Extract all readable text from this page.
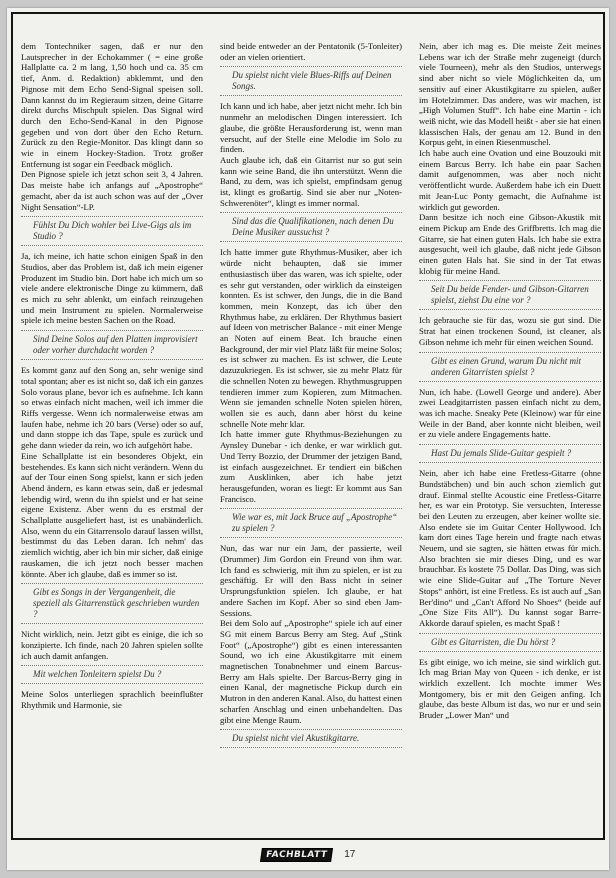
dem Tontechniker sagen, daß er nur den Lautsprecher in der Echokammer ( = eine große Hallplatte ca. 2 m lang, 1,50 hoch und ca. 35 cm tief, Anm. d. Redaktion) abklemmt, und den Pignose mit dem Echo Send-Signal speisen soll. Dann kannst du im Regieraum sitzen, deine Gitarre direkt durchs Mischpult spielen. Das Signal wird durch den Echo-Send-Kanal in den Pignose gegeben und von dort über den Echo Return. Zurück zu den Regie-Monitor. Das klingt dann so wie in einem Hockey-Stadion. Trotz großer Entfernung ist sogar ein Feedback möglich.

Den Pignose spiele ich jetzt schon seit 3, 4 Jahren. Das meiste habe ich anfangs auf „Apostrophe“ gemacht, aber da ist auch schon was auf der „Over Night Sensation“-LP.

Fühlst Du Dich wohler bei Live-Gigs als im Studio ?

Ja, ich meine, ich hatte schon einigen Spaß in den Studios, aber das Problem ist, daß ich mein eigener Produzent im Studio bin. Dort habe ich mich um so viele andere elektronische Dinge zu kümmern, daß es mich zu sehr ablenkt, um einfach reinzugehen und mein Instrument zu spielen. Normalerweise spiele ich meine besten Sachen on the Road.

Sind Deine Solos auf den Platten improvisiert oder vorher durchdacht worden ?

Es kommt ganz auf den Song an, sehr wenige sind total spontan; aber es ist nicht so, daß ich ein ganzes Solo voraus plane, bevor ich es aufnehme. Ich kann so etwas einfach nicht machen, weil ich immer die Riffs vergesse. Wenn ich normalerweise etwas am laufen habe, nehme ich 20 bars (Verse) oder so auf, und dann stoppe ich das Tape, spule es zurück und gehe dann wieder da rein, wo ich aufgehört habe.

Eine Schallplatte ist ein besonderes Objekt, ein bestehendes. Es kann sich nicht verändern. Wenn du auf der Tour einen Song spielst, kann er sich jeden Abend ändern, es kann etwas sein, daß er jedesmal lebendig wird, wenn du ihn spielst und er hat seine eigene Existenz. Aber wenn du es erstmal der Schallplatte ausgeliefert hast, ist es unabänderlich. Also, wenn du ein Gitarrensolo darauf lassen willst, bestimmst du das Leben daran. Ich nehm' das ziemlich wichtig, aber ich bin mir sicher, daß einige rauskamen, die ich jetzt noch besser machen könnte. Aber ich glaube, daß es immer so ist.

Gibt es Songs in der Vergangenheit, die speziell als Gitarrenstück geschrieben wurden ?

Nicht wirklich, nein. Jetzt gibt es einige, die ich so konzipierte. Ich finde, nach 20 Jahren spielen sollte ich auch damit anfangen.

Mit welchen Tonleitern spielst Du ?

Meine Solos unterliegen sprachlich beeinflußter Rhythmik und Harmonie, sie

sind beide entweder an der Pentatonik (5-Tonleiter) oder an vielen orientiert.

Du spielst nicht viele Blues-Riffs auf Deinen Songs.

Ich kann und ich habe, aber jetzt nicht mehr. Ich bin nunmehr an melodischen Dingen interessiert. Ich glaube, die größte Herausforderung ist, wenn man versucht, auf der Stelle eine Melodie im Solo zu finden.

Auch glaube ich, daß ein Gitarrist nur so gut sein kann wie seine Band, die ihn unterstützt. Wenn die Band, zu dem, was ich spielst, empfindsam genug ist, klingt es großartig. Sind sie aber nur „Noten-Schwerenöter“, klingt es immer normal.

Sind das die Qualifikationen, nach denen Du Deine Musiker aussuchst ?

Ich hatte immer gute Rhythmus-Musiker, aber ich würde nicht behaupten, daß sie immer enthusiastisch über das waren, was ich spielte, oder es sehr gut verstanden, oder wirklich da einsteigen konnten. Es ist schwer, den Jungs, die in die Band kommen, mein Konzept, das ich über den Rhythmus habe, zu erklären. Der Rhythmus basiert auf Ideen von metrischer Balance - mit einer Menge an Noten auf einem Beat. Ich brauche einen Background, der mir viel Platz läßt für meine Solos; es ist schwer zu machen. Es ist schwer, die Leute dazuzukriegen. Es ist schwer, sie zu mehr Platz für die schnellen Noten zu bewegen. Rhythmusgruppen tendieren immer zum Kopieren, zum Mitmachen. Wenn sie jemanden schnelle Noten spielen hören, wollen sie es auch, dann aber hörst du keine schnelle Note mehr klar.

Ich hatte immer gute Rhythmus-Beziehungen zu Aynsley Dunebar - ich denke, er war wirklich gut. Und Terry Bozzio, der Drummer der jetzigen Band, ist einfach ausgezeichnet. Er tendiert ein bißchen zum Ausklinken, aber ich habe jetzt herausgefunden, woran es liegt: Er kommt aus San Francisco.

Wie war es, mit Jack Bruce auf „Apostrophe“ zu spielen ?

Nun, das war nur ein Jam, der passierte, weil (Drummer) Jim Gordon ein Freund von ihm war. Ich fand es schwierig, mit ihm zu spielen, er ist zu geschäftig. Er will den Bass nicht in seiner Ursprungsfunktion spielen. Ich glaube, er hat andere Sachen im Kopf. Aber so sind eben Jam-Sessions.

Bei dem Solo auf „Apostrophe“ spiele ich auf einer SG mit einem Barcus Berry am Steg. Auf „Stink Foot“ („Apostrophe“) gibt es einen interessanten Sound, wo ich eine Akustikgitarre mit einem magnetischen Tonabnehmer und einem Barcus-Berry am Hals spielte. Der Barcus-Berry ging in einen Kanal, der magnetische Pickup durch ein Mutron in den anderen Kanal. Also, du hattest einen scharfen Anschlag und einen unbehandelten. Das gibt eine Menge Raum.

Du spielst nicht viel Akustikgitarre.

Nein, aber ich mag es. Die meiste Zeit meines Lebens war ich der Straße mehr zugeneigt (durch viele Tourneen), mehr als den Studios, unterwegs sind aber nicht so viele Möglichkeiten da, um sensitiv auf einer Akustikgitarre zu spielen, außer im Hotelzimmer. Das andere, was wir machen, ist „High Volumen Stuff“. Ich habe eine Martin - ich weiß nicht, wie das Modell heißt - aber sie hat einen klassischen Hals, der genau am 12. Bund in den Korpus geht, in einen Riesenmuschel.

Ich habe auch eine Ovation und eine Bouzouki mit einem Barcus Berry. Ich habe ein paar Sachen damit aufgenommen, was aber noch nicht veröffentlicht wurde. Außerdem habe ich ein Duett mit Jean-Luc Ponty gemacht, die Aufnahme ist wirklich gut geworden.

Dann besitze ich noch eine Gibson-Akustik mit einem Pickup am Ende des Griffbretts. Ich mag die Gitarre, sie hat einen guten Hals. Ich habe sie extra ausgesucht, weil ich glaube, daß nicht jede Gibson einen guten Hals hat. Sie sind in der Tat etwas klobig für meine Hand.

Seit Du beide Fender- und Gibson-Gitarren spielst, ziehst Du eine vor ?

Ich gebrauche sie für das, wozu sie gut sind. Die Strat hat einen trockenen Sound, ist cleaner, als Gibson nehme ich mehr für einen weichen Sound.

Gibt es einen Grund, warum Du nicht mit anderen Gitarristen spielst ?

Nun, ich habe. (Lowell George und andere). Aber zwei Leadgitarristen passen einfach nicht zu dem, was ich mache. Sneaky Pete (Kleinow) war für eine Weile in der Band, aber konnte nicht bleiben, weil er zu viele andere Engagements hatte.

Hast Du jemals Slide-Guitar gespielt ?

Nein, aber ich habe eine Fretless-Gitarre (ohne Bundstäbchen) und bin auch schon ziemlich gut drauf. Einmal stellte Acoustic eine Fretless-Gitarre her, es war ein Prototyp. Sie versuchten, Interesse bei den Leuten zu erzeugen, aber keiner wollte sie. Also endete sie im Guitar Center Hollywood. Ich kam dort eines Tage herein und fragte nach etwas Neuem, und sie sagten, sie hätten etwas für mich. Also brachten sie mir dieses Ding, und es war brauchbar. Es kostete 75 Dollar. Das Ding, was sich wie eine Slide-Guitar auf „The Torture Never Stops“ anhört, ist eine Fretless. Es ist auch auf „San Ber'dino“ und „Can't Afford No Shoes“ (beide auf „One Size Fits All“). Du kannst sogar Barre-Akkorde darauf spielen, es macht Spaß !

Gibt es Gitarristen, die Du hörst ?

Es gibt einige, wo ich meine, sie sind wirklich gut. Ich mag Brian May von Queen - ich denke, er ist wirklich exzellent. Ich mochte immer Wes Montgomery, bis er mit den Geigen anfing. Ich glaube, das beste Album ist das, wo nur er und sein Bruder „Lower Man“ und

FACHBLATT 17
